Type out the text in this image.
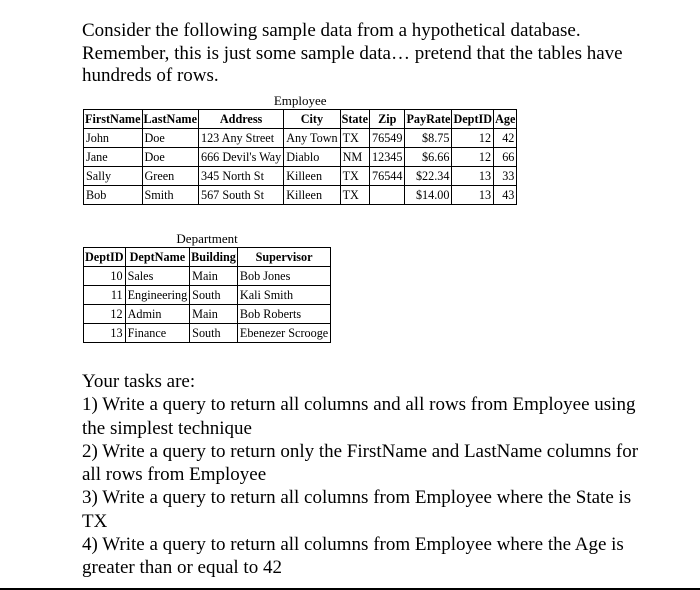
Consider the following sample data from a hypothetical database. Remember, this is just some sample data… pretend that the tables have hundreds of rows.

Employee
FirstName	LastName	Address	City	State	Zip	PayRate	DeptID	Age
John	Doe	123 Any Street	Any Town	TX	76549	$8.75	12	42
Jane	Doe	666 Devil's Way	Diablo	NM	12345	$6.66	12	66
Sally	Green	345 North St	Killeen	TX	76544	$22.34	13	33
Bob	Smith	567 South St	Killeen	TX		$14.00	13	43
Department
DeptID	DeptName	Building	Supervisor
10	Sales	Main	Bob Jones
11	Engineering	South	Kali Smith
12	Admin	Main	Bob Roberts
13	Finance	South	Ebenezer Scrooge

Your tasks are:

1) Write a query to return all columns and all rows from Employee using the simplest technique

2) Write a query to return only the FirstName and LastName columns for all rows from Employee

3) Write a query to return all columns from Employee where the State is TX

4) Write a query to return all columns from Employee where the Age is greater than or equal to 42
